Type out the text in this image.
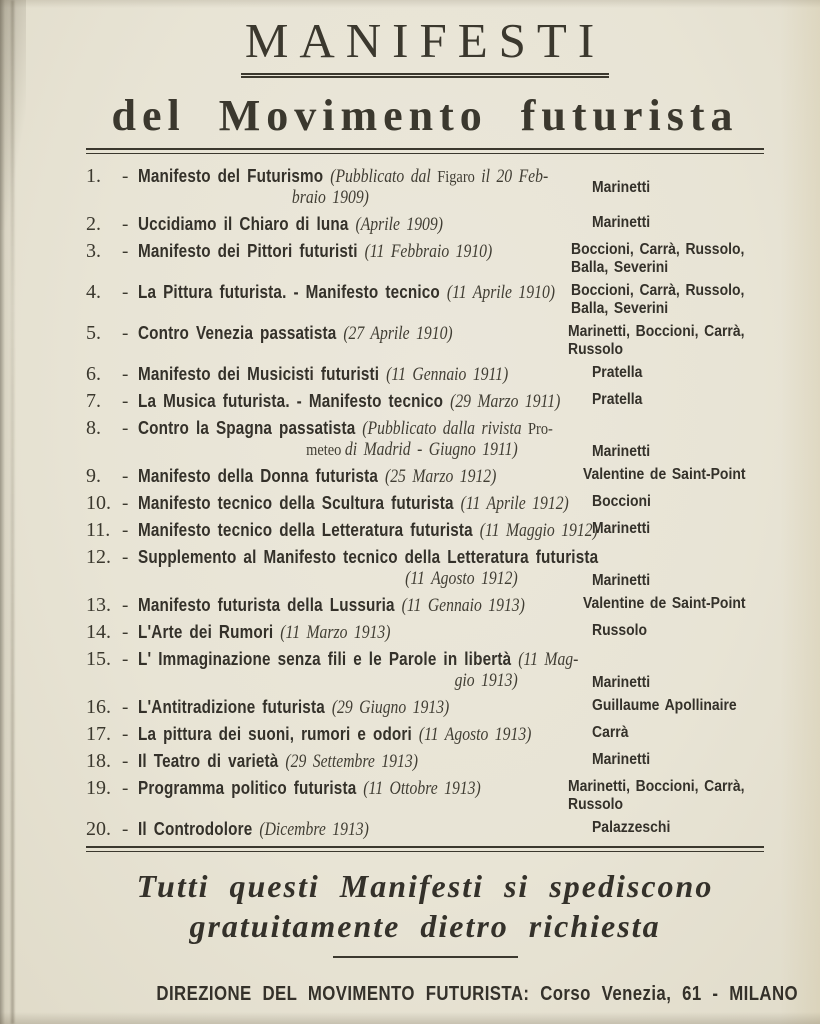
MANIFESTI
del Movimento futurista
1.	- Manifesto del Futurismo (Pubblicato dal Figaro il 20 Feb-
braio 1909)
Marinetti
2.	- Uccidiamo il Chiaro di luna (Aprile 1909)	Marinetti
3.	- Manifesto dei Pittori futuristi (11 Febbraio 1910)	Boccioni, Carrà, Russolo,
Balla, Severini
4.	- La Pittura futurista. - Manifesto tecnico (11 Aprile 1910) Boccioni, Carrà, Russolo,
Balla, Severini
5.	- Contro Venezia passatista (27 Aprile 1910)	Marinetti, Boccioni, Carrà,
Russolo
6.	- Manifesto dei Musicisti futuristi (11 Gennaio 1911)	Pratella
7.	- La Musica futurista. - Manifesto tecnico (29 Marzo 1911) Pratella
8.	- Contro la Spagna passatista (Pubblicato dalla rivista Pro-
meteo di Madrid - Giugno 1911)	Marinetti
9.	- Manifesto della Donna futurista (25 Marzo 1912)	Valentine de Saint-Point
10. - Manifesto tecnico della Scultura futurista (11 Aprile 1912) Boccioni
11. - Manifesto tecnico della Letteratura futurista (11 Maggio 1912)
Marinetti
12. - Supplemento al Manifesto tecnico della Letteratura futurista
(11 Agosto 1912)	Marinetti
13. - Manifesto futurista della Lussuria (11 Gennaio 1913)	Valentine de Saint-Point
14. - L'Arte dei Rumori (11 Marzo 1913)	Russolo
15. - L' Immaginazione senza fili e le Parole in libertà (11 Mag-
gio 1913)	Marinetti
16. - L'Antitradizione futurista (29 Giugno 1913)	Guillaume Apollinaire
17. - La pittura dei suoni, rumori e odori (11 Agosto 1913)	Carrà
18. - Il Teatro di varietà (29 Settembre 1913)	Marinetti
19. - Programma politico futurista (11 Ottobre 1913)	Marinetti, Boccioni, Carrà,
Russolo
20. - Il Controdolore (Dicembre 1913)	Palazzeschi
Tutti questi Manifesti si spediscono
gratuitamente dietro richiesta
DIREZIONE DEL MOVIMENTO FUTURISTA: Corso Venezia, 61 - MILANO
